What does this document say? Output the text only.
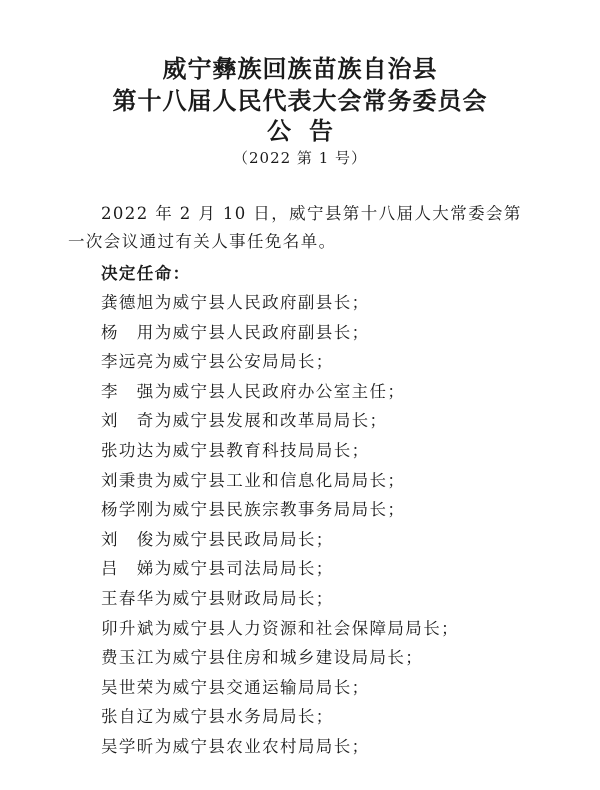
威宁彝族回族苗族自治县
第十八届人民代表大会常务委员会
公告
（2022 第 1 号）
2022 年 2 月 10 日，威宁县第十八届人大常委会第一次会议通过有关人事任免名单。
决定任命：
龚德旭为威宁县人民政府副县长；
杨　用为威宁县人民政府副县长；
李远亮为威宁县公安局局长；
李　强为威宁县人民政府办公室主任；
刘　奇为威宁县发展和改革局局长；
张功达为威宁县教育科技局局长；
刘秉贵为威宁县工业和信息化局局长；
杨学刚为威宁县民族宗教事务局局长；
刘　俊为威宁县民政局局长；
吕　娣为威宁县司法局局长；
王春华为威宁县财政局局长；
卯升斌为威宁县人力资源和社会保障局局长；
费玉江为威宁县住房和城乡建设局局长；
吴世荣为威宁县交通运输局局长；
张自辽为威宁县水务局局长；
吴学昕为威宁县农业农村局局长；
